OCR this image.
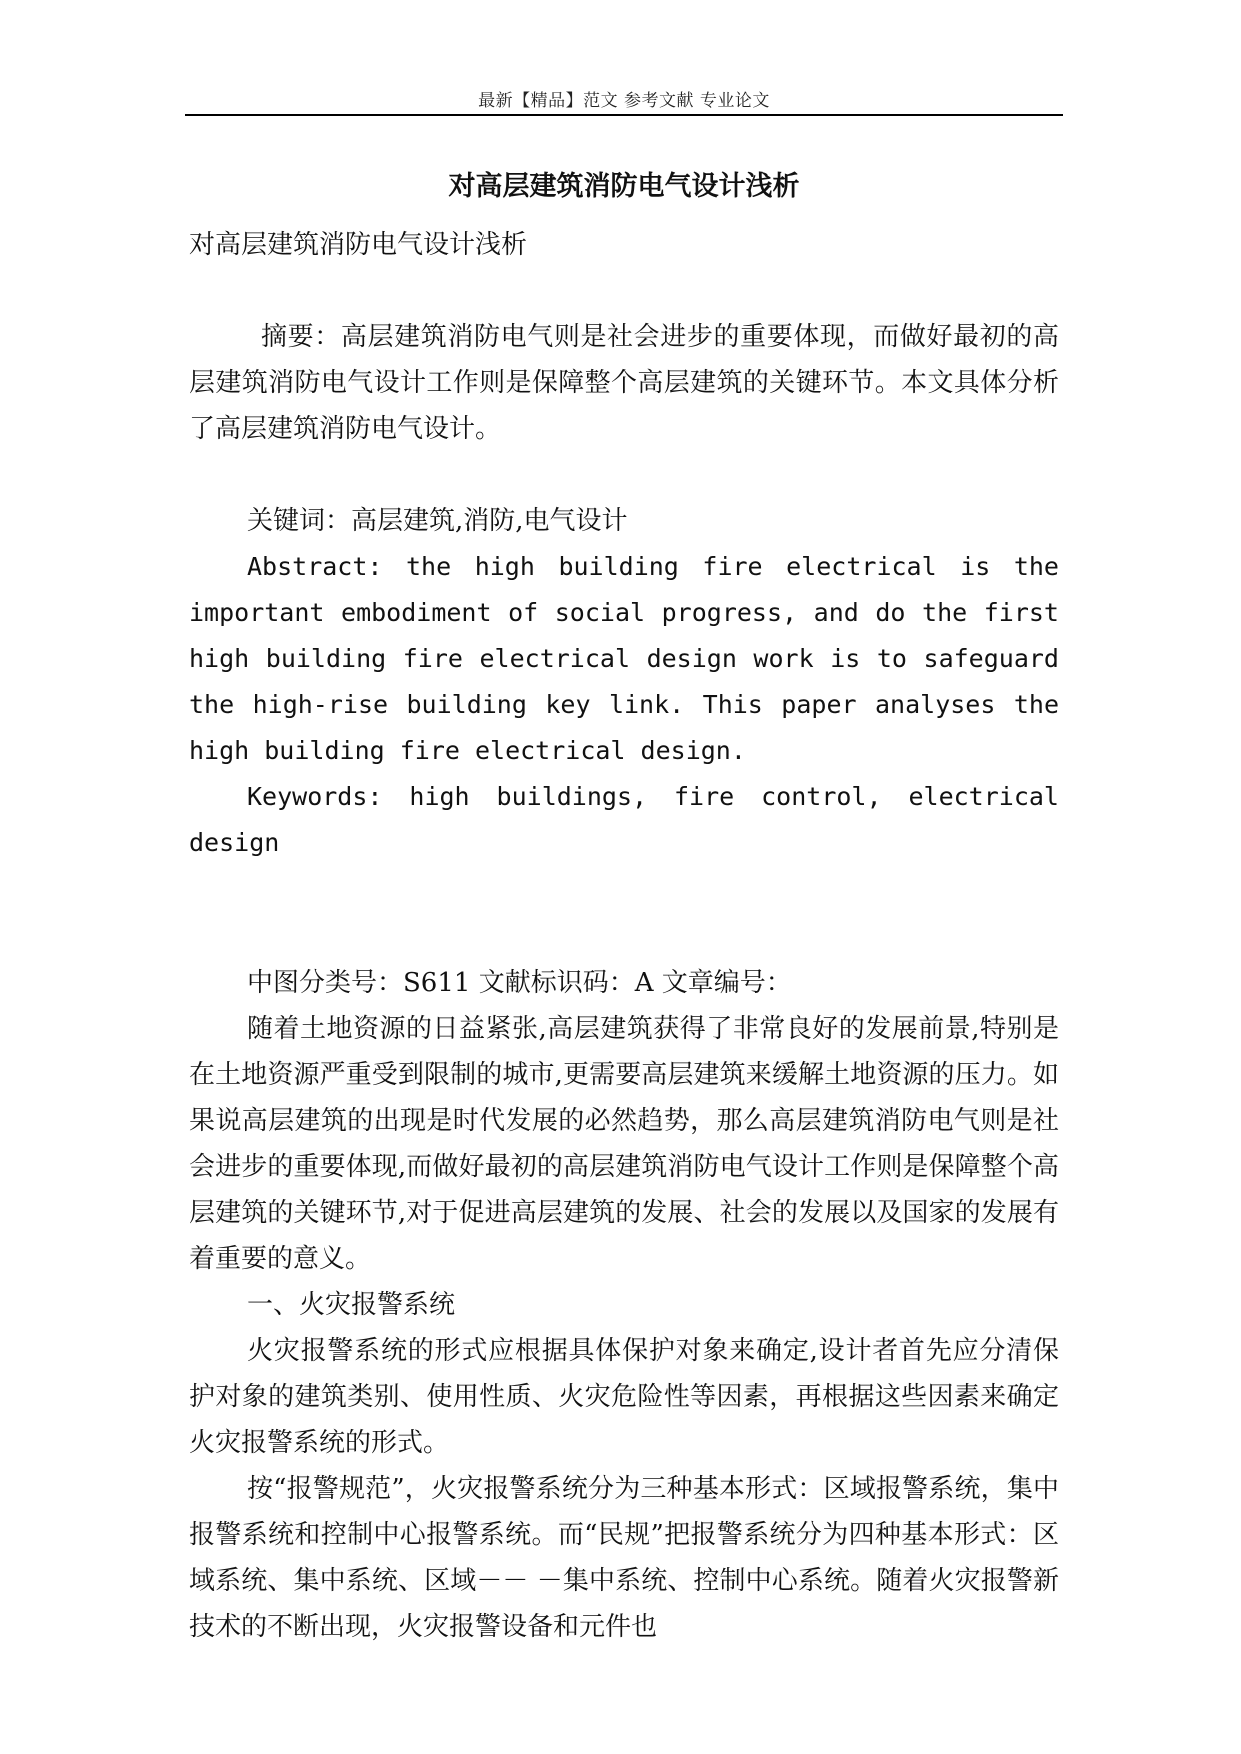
最新【精品】范文 参考文献 专业论文
对高层建筑消防电气设计浅析

对高层建筑消防电气设计浅析

摘要：高层建筑消防电气则是社会进步的重要体现，而做好最初的高层建筑消防电气设计工作则是保障整个高层建筑的关键环节。本文具体分析了高层建筑消防电气设计。

关键词：高层建筑,消防,电气设计

Abstract: the high building fire electrical is the important embodiment of social progress, and do the first high building fire electrical design work is to safeguard the high-rise building key link. This paper analyses the high building fire electrical design.

Keywords: high buildings, fire control, electrical design

中图分类号：S611 文献标识码：A 文章编号：

随着土地资源的日益紧张,高层建筑获得了非常良好的发展前景,特别是在土地资源严重受到限制的城市,更需要高层建筑来缓解土地资源的压力。如果说高层建筑的出现是时代发展的必然趋势，那么高层建筑消防电气则是社会进步的重要体现,而做好最初的高层建筑消防电气设计工作则是保障整个高层建筑的关键环节,对于促进高层建筑的发展、社会的发展以及国家的发展有着重要的意义。

一、火灾报警系统

火灾报警系统的形式应根据具体保护对象来确定,设计者首先应分清保护对象的建筑类别、使用性质、火灾危险性等因素，再根据这些因素来确定火灾报警系统的形式。

按“报警规范”，火灾报警系统分为三种基本形式：区域报警系统，集中报警系统和控制中心报警系统。而“民规”把报警系统分为四种基本形式：区域系统、集中系统、区域－－ －集中系统、控制中心系统。随着火灾报警新技术的不断出现，火灾报警设备和元件也
